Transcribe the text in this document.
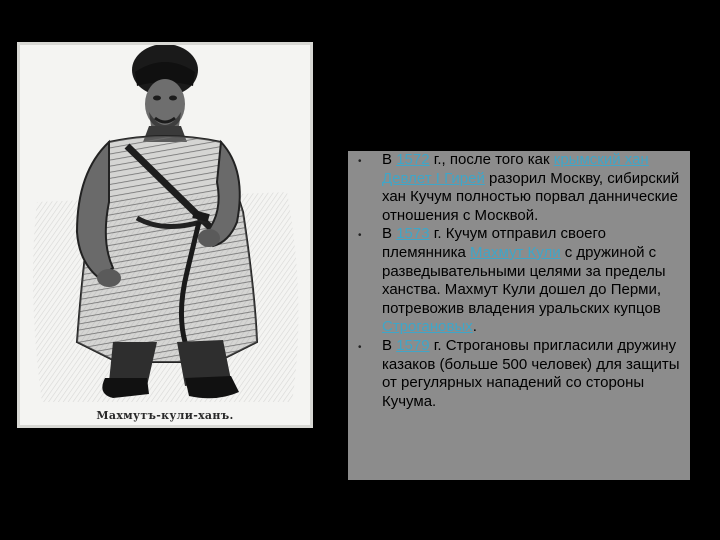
Махмутъ-кули-ханъ.
• В 1572 г., после того как крымский хан Девлет I Гирей разорил Москву, сибирский хан Кучум полностью порвал даннические отношения с Москвой.
• В 1573 г. Кучум отправил своего племянника Махмут Кули с дружиной с разведывательными целями за пределы ханства. Махмут Кули дошел до Перми, потревожив владения уральских купцов Строгановых.
• В 1579 г. Строгановы пригласили дружину казаков (больше 500 человек) для защиты от регулярных нападений со стороны Кучума.
